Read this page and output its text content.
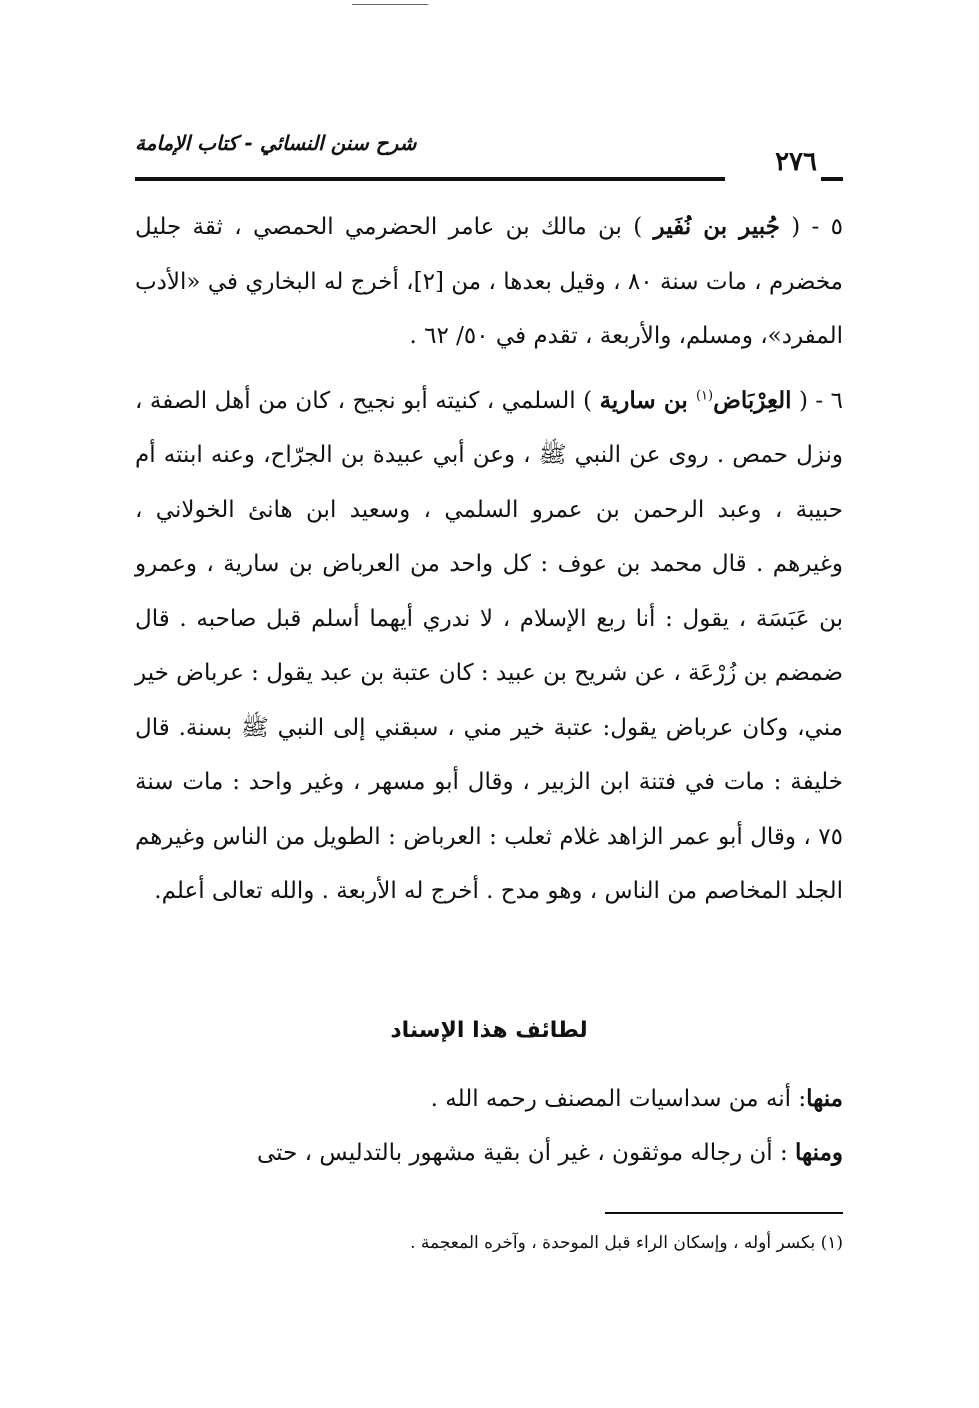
شرح سنن النسائي - كتاب الإمامة
٢٧٦

٥ - ( جُبير بن نُفَير ) بن مالك بن عامر الحضرمي الحمصي ، ثقة جليل مخضرم ، مات سنة ٨٠ ، وقيل بعدها ، من [٢]، أخرج له البخاري في «الأدب المفرد»، ومسلم، والأربعة ، تقدم في ٥٠/ ٦٢ .

٦ - ( العِرْبَاض$^{(١)}$ بن سارية ) السلمي ، كنيته أبو نجيح ، كان من أهل الصفة ، ونزل حمص . روى عن النبي ﷺ ، وعن أبي عبيدة بن الجرّاح، وعنه ابنته أم حبيبة ، وعبد الرحمن بن عمرو السلمي ، وسعيد ابن هانئ الخولاني ، وغيرهم . قال محمد بن عوف : كل واحد من العرباض بن سارية ، وعمرو بن عَبَسَة ، يقول : أنا ربع الإسلام ، لا ندري أيهما أسلم قبل صاحبه . قال ضمضم بن زُرْعَة ، عن شريح بن عبيد : كان عتبة بن عبد يقول : عرباض خير مني، وكان عرباض يقول: عتبة خير مني ، سبقني إلى النبي ﷺ بسنة. قال خليفة : مات في فتنة ابن الزبير ، وقال أبو مسهر ، وغير واحد : مات سنة ٧٥ ، وقال أبو عمر الزاهد غلام ثعلب : العرباض : الطويل من الناس وغيرهم الجلد المخاصم من الناس ، وهو مدح . أخرج له الأربعة . والله تعالى أعلم.

لطائف هذا الإسناد

منها: أنه من سداسيات المصنف رحمه الله .

ومنها : أن رجاله موثقون ، غير أن بقية مشهور بالتدليس ، حتى

(١) بكسر أوله ، وإسكان الراء قبل الموحدة ، وآخره المعجمة .
